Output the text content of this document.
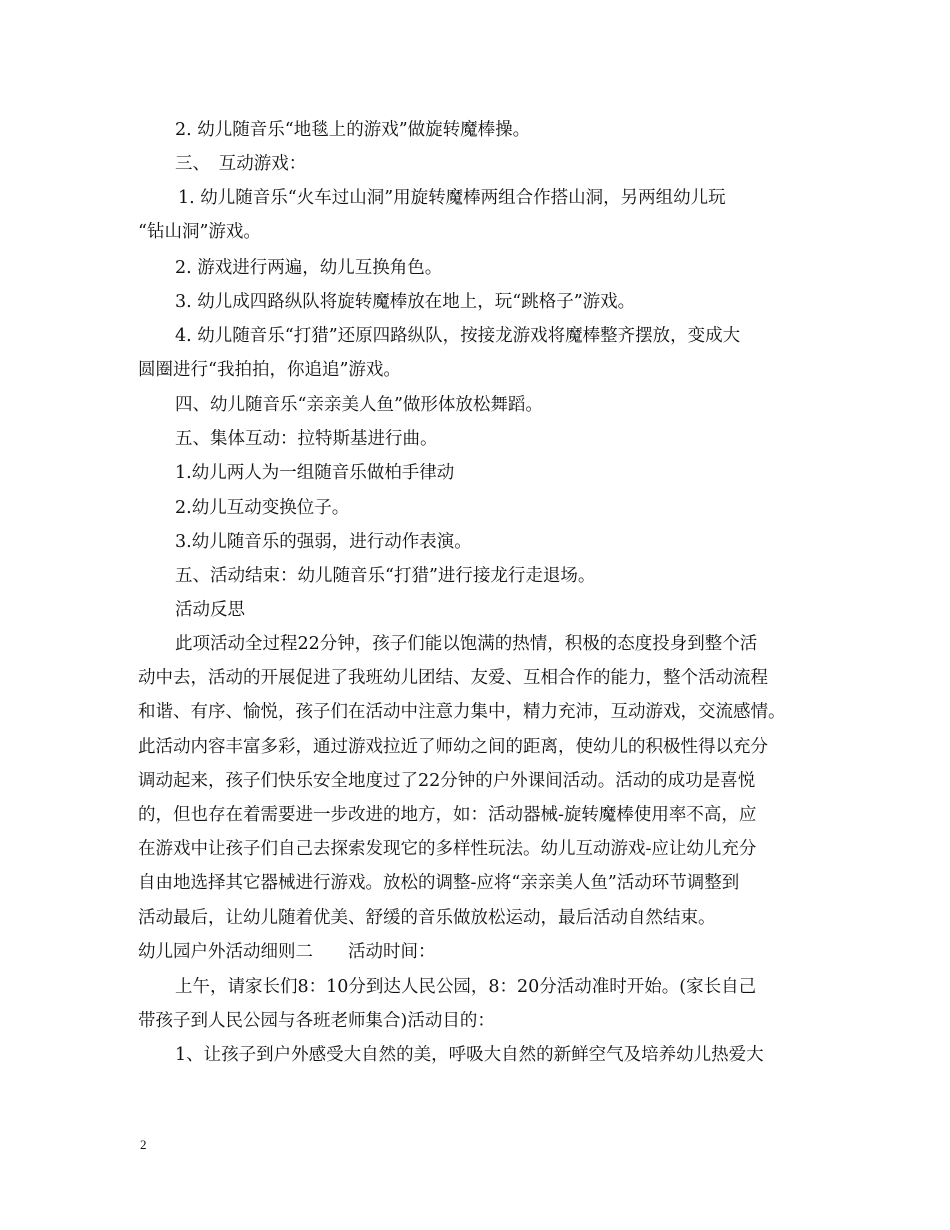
2. 幼儿随音乐“地毯上的游戏”做旋转魔棒操。
三、　互动游戏：
1. 幼儿随音乐“火车过山洞”用旋转魔棒两组合作搭山洞，另两组幼儿玩
“钻山洞”游戏。
2. 游戏进行两遍，幼儿互换角色。
3. 幼儿成四路纵队将旋转魔棒放在地上，玩“跳格子”游戏。
4. 幼儿随音乐“打猎”还原四路纵队，按接龙游戏将魔棒整齐摆放，变成大
圆圈进行“我拍拍，你追追”游戏。
四、幼儿随音乐“亲亲美人鱼”做形体放松舞蹈。
五、集体互动：拉特斯基进行曲。
1.幼儿两人为一组随音乐做柏手律动
2.幼儿互动变换位子。
3.幼儿随音乐的强弱，进行动作表演。
五、活动结束：幼儿随音乐“打猎”进行接龙行走退场。
活动反思
此项活动全过程22分钟，孩子们能以饱满的热情，积极的态度投身到整个活
动中去，活动的开展促进了我班幼儿团结、友爱、互相合作的能力，整个活动流程
和谐、有序、愉悦，孩子们在活动中注意力集中，精力充沛，互动游戏，交流感情。
此活动内容丰富多彩，通过游戏拉近了师幼之间的距离，使幼儿的积极性得以充分
调动起来，孩子们快乐安全地度过了22分钟的户外课间活动。活动的成功是喜悦
的，但也存在着需要进一步改进的地方，如：活动器械-旋转魔棒使用率不高，应
在游戏中让孩子们自己去探索发现它的多样性玩法。幼儿互动游戏-应让幼儿充分
自由地选择其它器械进行游戏。放松的调整-应将“亲亲美人鱼”活动环节调整到
活动最后，让幼儿随着优美、舒缓的音乐做放松运动，最后活动自然结束。
幼儿园户外活动细则二　　活动时间：
上午，请家长们8：10分到达人民公园，8：20分活动准时开始。(家长自己
带孩子到人民公园与各班老师集合)活动目的：
1、让孩子到户外感受大自然的美，呼吸大自然的新鲜空气及培养幼儿热爱大
2
